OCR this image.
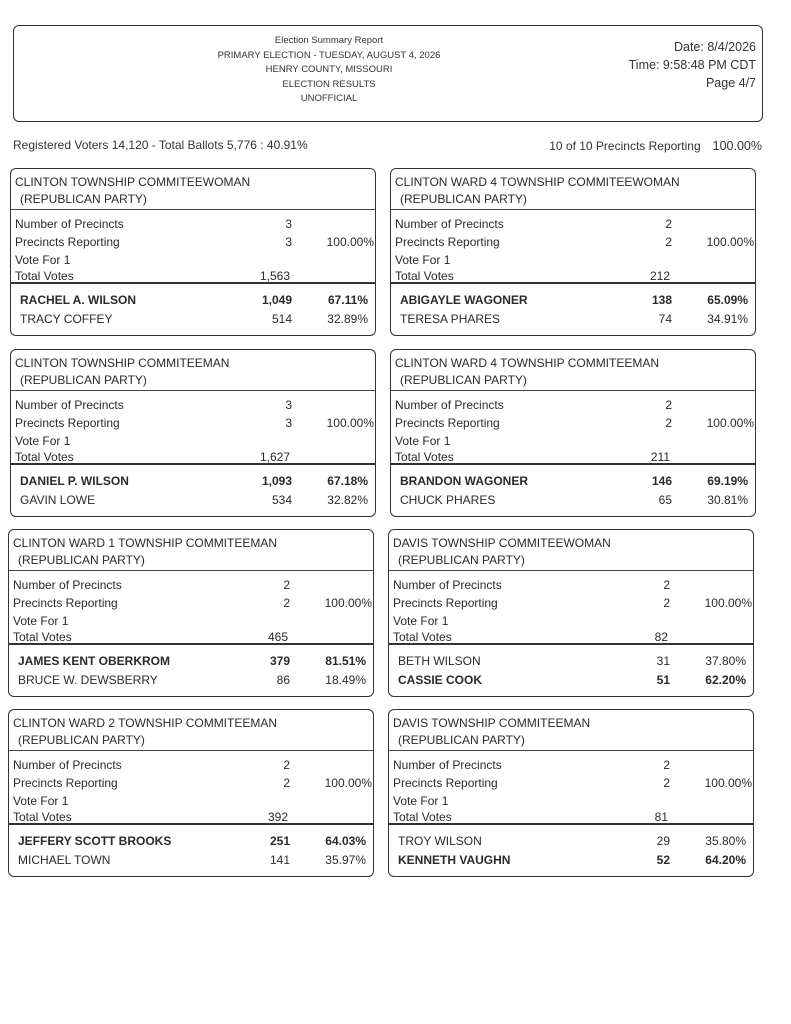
Election Summary Report
PRIMARY ELECTION - TUESDAY, AUGUST 4, 2026
HENRY COUNTY, MISSOURI
ELECTION RESULTS
UNOFFICIAL
Date: 8/4/2026
Time: 9:58:48 PM CDT
Page 4/7
Registered Voters 14,120 - Total Ballots 5,776 : 40.91%	10 of 10 Precincts Reporting 100.00%
CLINTON TOWNSHIP COMMITEEWOMAN
(REPUBLICAN PARTY)
Number of Precincts	3
Precincts Reporting	3	100.00%
Vote For 1
Total Votes	1,563
RACHEL A. WILSON	1,049	67.11%
TRACY COFFEY	514	32.89%
CLINTON WARD 4 TOWNSHIP COMMITEEWOMAN
(REPUBLICAN PARTY)
Number of Precincts	2
Precincts Reporting	2	100.00%
Vote For 1
Total Votes	212
ABIGAYLE WAGONER	138	65.09%
TERESA PHARES	74	34.91%
CLINTON TOWNSHIP COMMITEEMAN
(REPUBLICAN PARTY)
Number of Precincts	3
Precincts Reporting	3	100.00%
Vote For 1
Total Votes	1,627
DANIEL P. WILSON	1,093	67.18%
GAVIN LOWE	534	32.82%
CLINTON WARD 4 TOWNSHIP COMMITEEMAN
(REPUBLICAN PARTY)
Number of Precincts	2
Precincts Reporting	2	100.00%
Vote For 1
Total Votes	211
BRANDON WAGONER	146	69.19%
CHUCK PHARES	65	30.81%
CLINTON WARD 1 TOWNSHIP COMMITEEMAN
(REPUBLICAN PARTY)
Number of Precincts	2
Precincts Reporting	2	100.00%
Vote For 1
Total Votes	465
JAMES KENT OBERKROM	379	81.51%
BRUCE W. DEWSBERRY	86	18.49%
DAVIS TOWNSHIP COMMITEEWOMAN
(REPUBLICAN PARTY)
Number of Precincts	2
Precincts Reporting	2	100.00%
Vote For 1
Total Votes	82
BETH WILSON	31	37.80%
CASSIE COOK	51	62.20%
CLINTON WARD 2 TOWNSHIP COMMITEEMAN
(REPUBLICAN PARTY)
Number of Precincts	2
Precincts Reporting	2	100.00%
Vote For 1
Total Votes	392
JEFFERY SCOTT BROOKS	251	64.03%
MICHAEL TOWN	141	35.97%
DAVIS TOWNSHIP COMMITEEMAN
(REPUBLICAN PARTY)
Number of Precincts	2
Precincts Reporting	2	100.00%
Vote For 1
Total Votes	81
TROY WILSON	29	35.80%
KENNETH VAUGHN	52	64.20%
